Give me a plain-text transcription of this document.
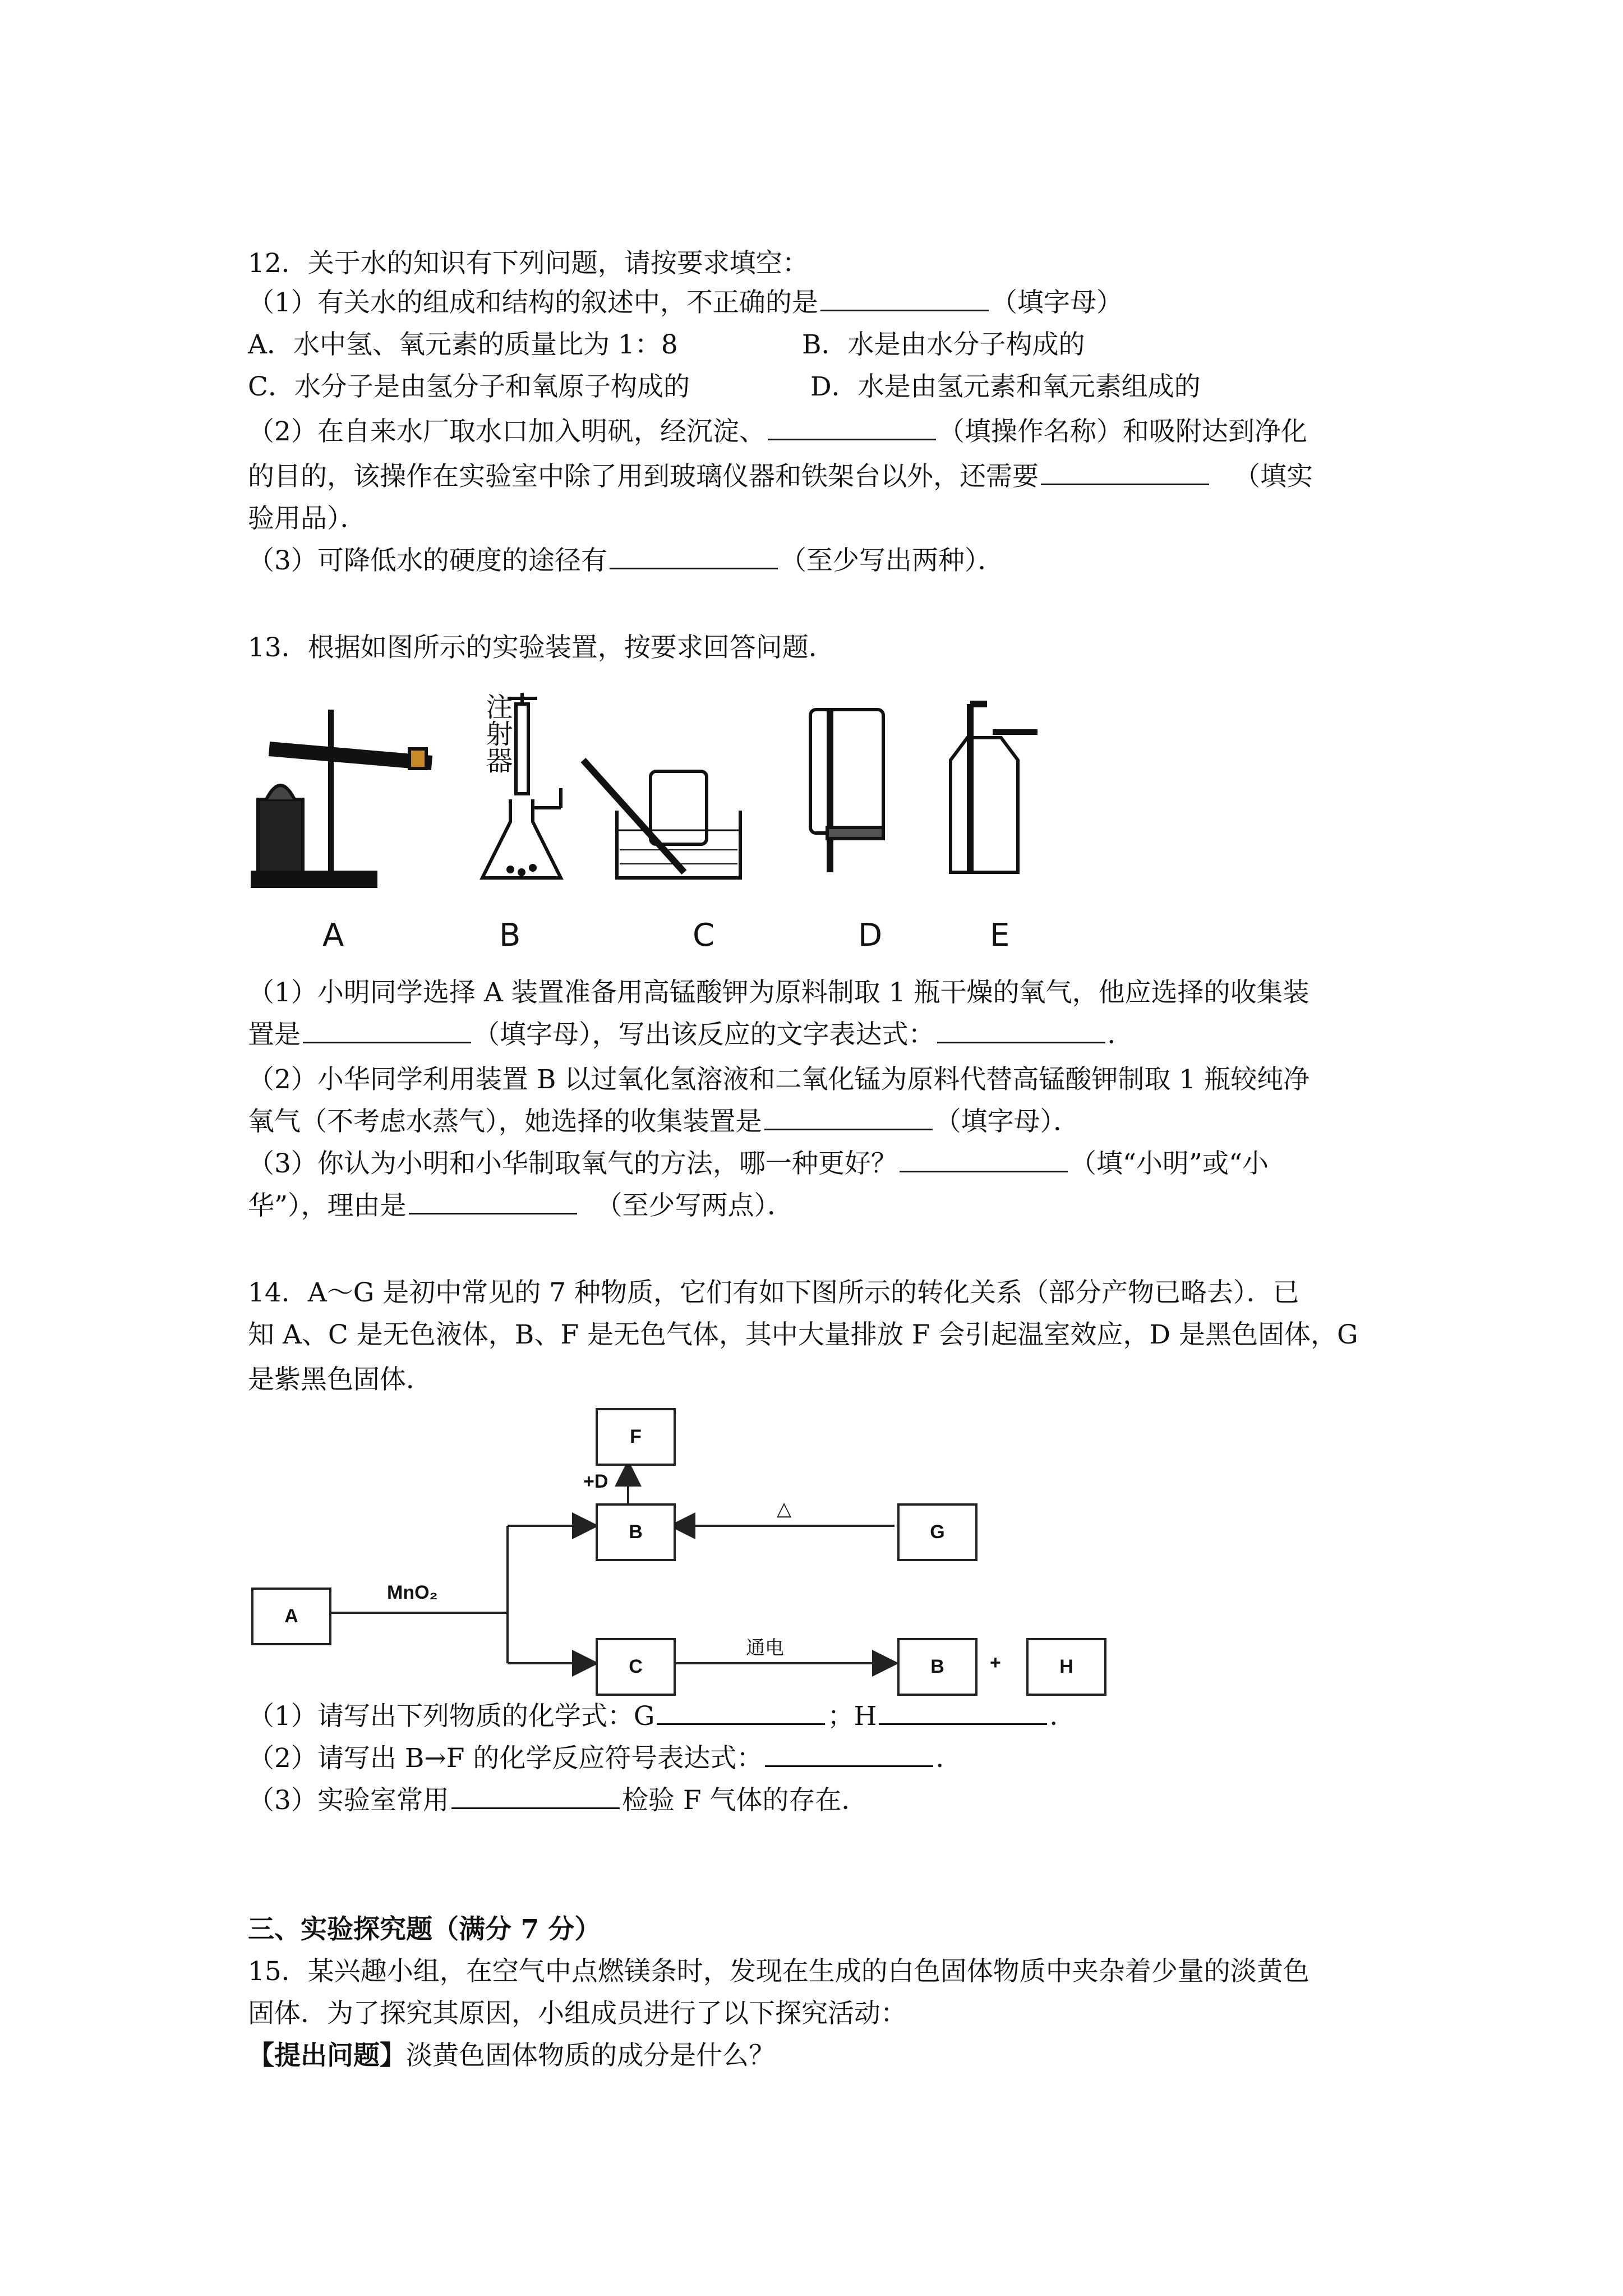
12．关于水的知识有下列问题，请按要求填空：
（1）有关水的组成和结构的叙述中，不正确的是	（填字母）
A．水中氢、氧元素的质量比为 1：8	B．水是由水分子构成的
C．水分子是由氢分子和氧原子构成的	D．水是由氢元素和氧元素组成的
（2）在自来水厂取水口加入明矾，经沉淀、	（填操作名称）和吸附达到净化
的目的，该操作在实验室中除了用到玻璃仪器和铁架台以外，还需要	（填实
验用品）．
（3）可降低水的硬度的途径有	（至少写出两种）．
13．根据如图所示的实验装置，按要求回答问题．
注射器
A	B	C	D	E
（1）小明同学选择 A 装置准备用高锰酸钾为原料制取 1 瓶干燥的氧气，他应选择的收集装
置是	（填字母），写出该反应的文字表达式：	．
（2）小华同学利用装置 B 以过氧化氢溶液和二氧化锰为原料代替高锰酸钾制取 1 瓶较纯净
氧气（不考虑水蒸气），她选择的收集装置是	（填字母）．
（3）你认为小明和小华制取氧气的方法，哪一种更好？	（填“小明”或“小
华”），理由是	（至少写两点）．
14．A～G 是初中常见的 7 种物质，它们有如下图所示的转化关系（部分产物已略去）．已
知 A、C 是无色液体，B、F 是无色气体，其中大量排放 F 会引起温室效应，D 是黑色固体，G
是紫黑色固体．
F
B	G
A
C	B	H
+D
MnO₂
△
通电
+
（1）请写出下列物质的化学式：G	；H	．
（2）请写出 B→F 的化学反应符号表达式：	．
（3）实验室常用	检验 F 气体的存在．
三、实验探究题（满分 7 分）
15．某兴趣小组，在空气中点燃镁条时，发现在生成的白色固体物质中夹杂着少量的淡黄色
固体．为了探究其原因，小组成员进行了以下探究活动：
【提出问题】淡黄色固体物质的成分是什么？
